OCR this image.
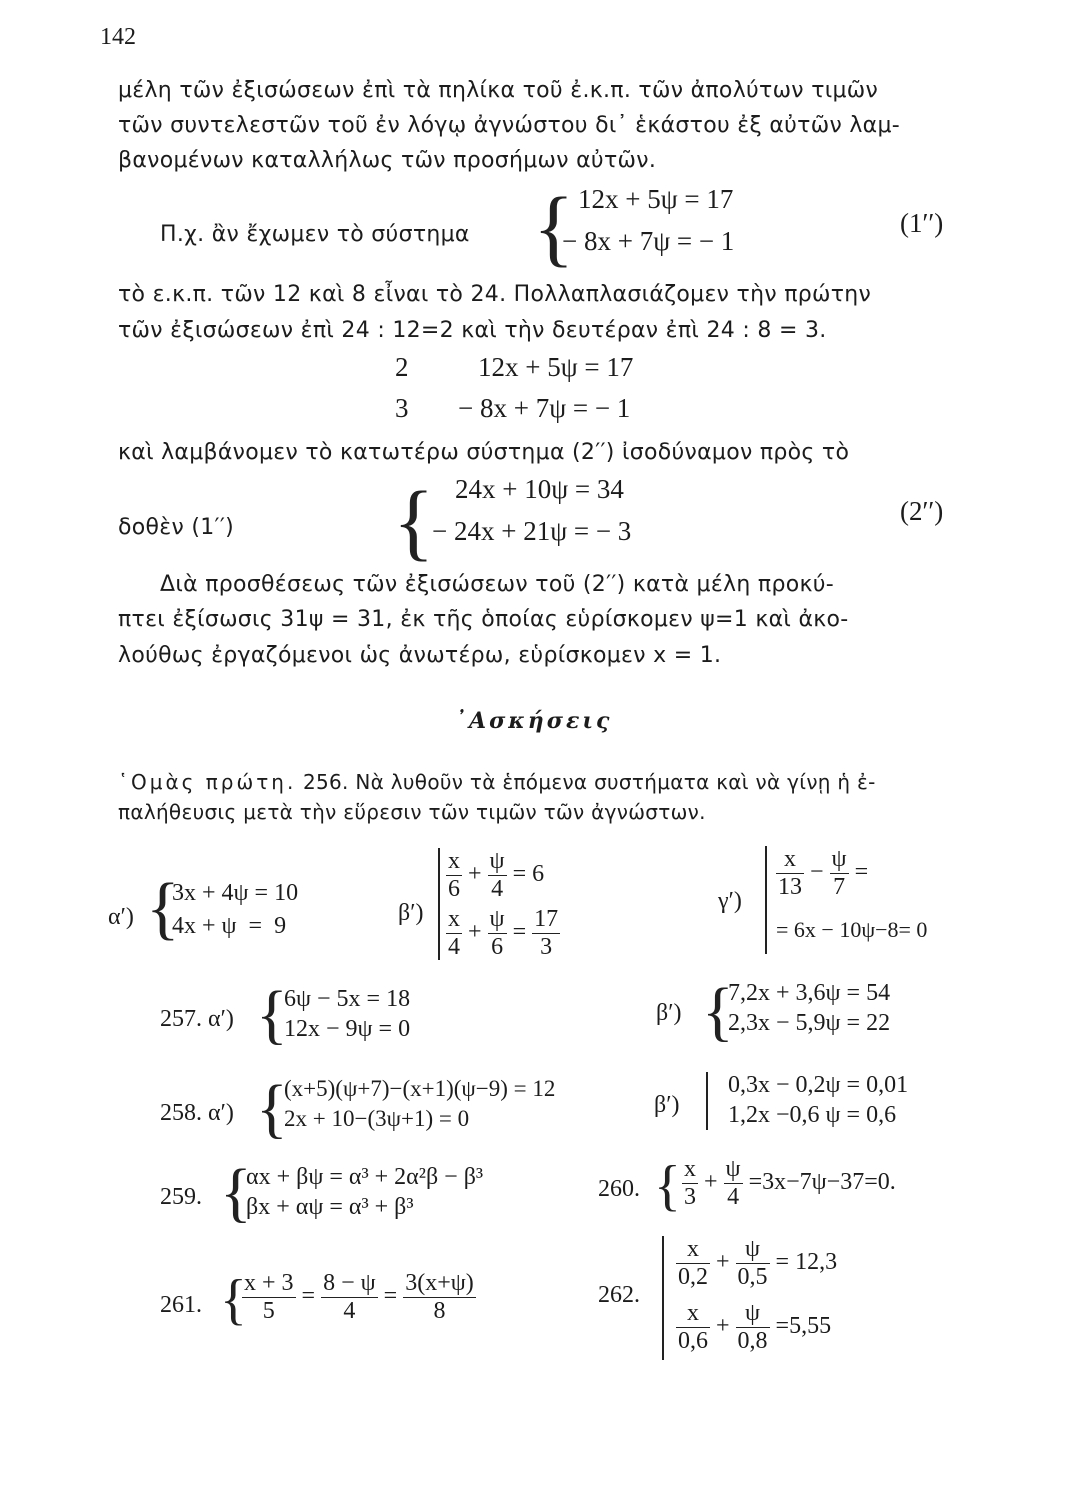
142
μέλη τῶν ἐξισώσεων ἐπὶ τὰ πηλίκα τοῦ ἐ.κ.π. τῶν ἀπολύτων τιμῶν
τῶν συντελεστῶν τοῦ ἐν λόγῳ ἀγνώστου δι᾽ ἑκάστου ἐξ αὐτῶν λαμ-
βανομένων καταλλήλως τῶν προσήμων αὐτῶν.
Π.χ. ἂν ἔχωμεν τὸ σύστημα { 12x + 5ψ = 17
− 8x + 7ψ = − 1
(1′′)
τὸ ε.κ.π. τῶν 12 καὶ 8 εἶναι τὸ 24. Πολλαπλασιάζομεν τὴν πρώτην
τῶν ἐξισώσεων ἐπὶ 24 : 12=2 καὶ τὴν δευτέραν ἐπὶ 24 : 8 = 3.
2	12x + 5ψ = 17
3 − 8x + 7ψ = − 1
καὶ λαμβάνομεν τὸ κατωτέρω σύστημα (2′′) ἰσοδύναμον πρὸς τὸ
δοθὲν (1′′) { 24x + 10ψ = 34
− 24x + 21ψ = − 3
(2′′)
Διὰ προσθέσεως τῶν ἐξισώσεων τοῦ (2′′) κατὰ μέλη προκύ-
πτει ἐξίσωσις 31ψ = 31, ἐκ τῆς ὁποίας εὑρίσκομεν ψ=1 καὶ ἀκο-
λούθως ἐργαζόμενοι ὡς ἀνωτέρω, εὑρίσκομεν x = 1.
᾿Ασκήσεις
῾Ομὰς πρώτη. 256. Νὰ λυθοῦν τὰ ἑπόμενα συστήματα καὶ νὰ γίνῃ ἡ ἐ-
παλήθευσις μετὰ τὴν εὕρεσιν τῶν τιμῶν τῶν ἀγνώστων.
α′) {
3x + 4ψ = 10
4x + ψ  =  9	β′)
$\frac{x}{6} + \frac{\psi}{4} = 6$
$\frac{x}{4} + \frac{\psi}{6} = \frac{17}{3}$
$\gamma') \frac{x}{13} - \frac{\psi}{7}$ =
= 6x − 10ψ−8= 0
257. α′) {
6ψ − 5x = 18
12x − 9ψ = 0
β′) {
7,2x + 3,6ψ = 54
2,3x − 5,9ψ = 22
258. α′) {
(x+5)(ψ+7)−(x+1)(ψ−9) = 12
2x + 10−(3ψ+1) = 0
β′)
0,3x − 0,2ψ = 0,01
1,2x −0,6 ψ = 0,6
259. {
αx + βψ = α³ + 2α²β − β³
βx + αψ = α³ + β³
260. { $\frac{x}{3} + \frac{\psi}{4} =3x-7\psi-37=0$.
261. {
$\frac{x + 3}{5} = \frac{8 - \psi}{4} = \frac{3(x+\psi)}{8}$	262.
$\frac{x}{0,2} + \frac{\psi}{0,5} = 12,3$
$\frac{x}{0,6} + \frac{\psi}{0,8} =5,55$
